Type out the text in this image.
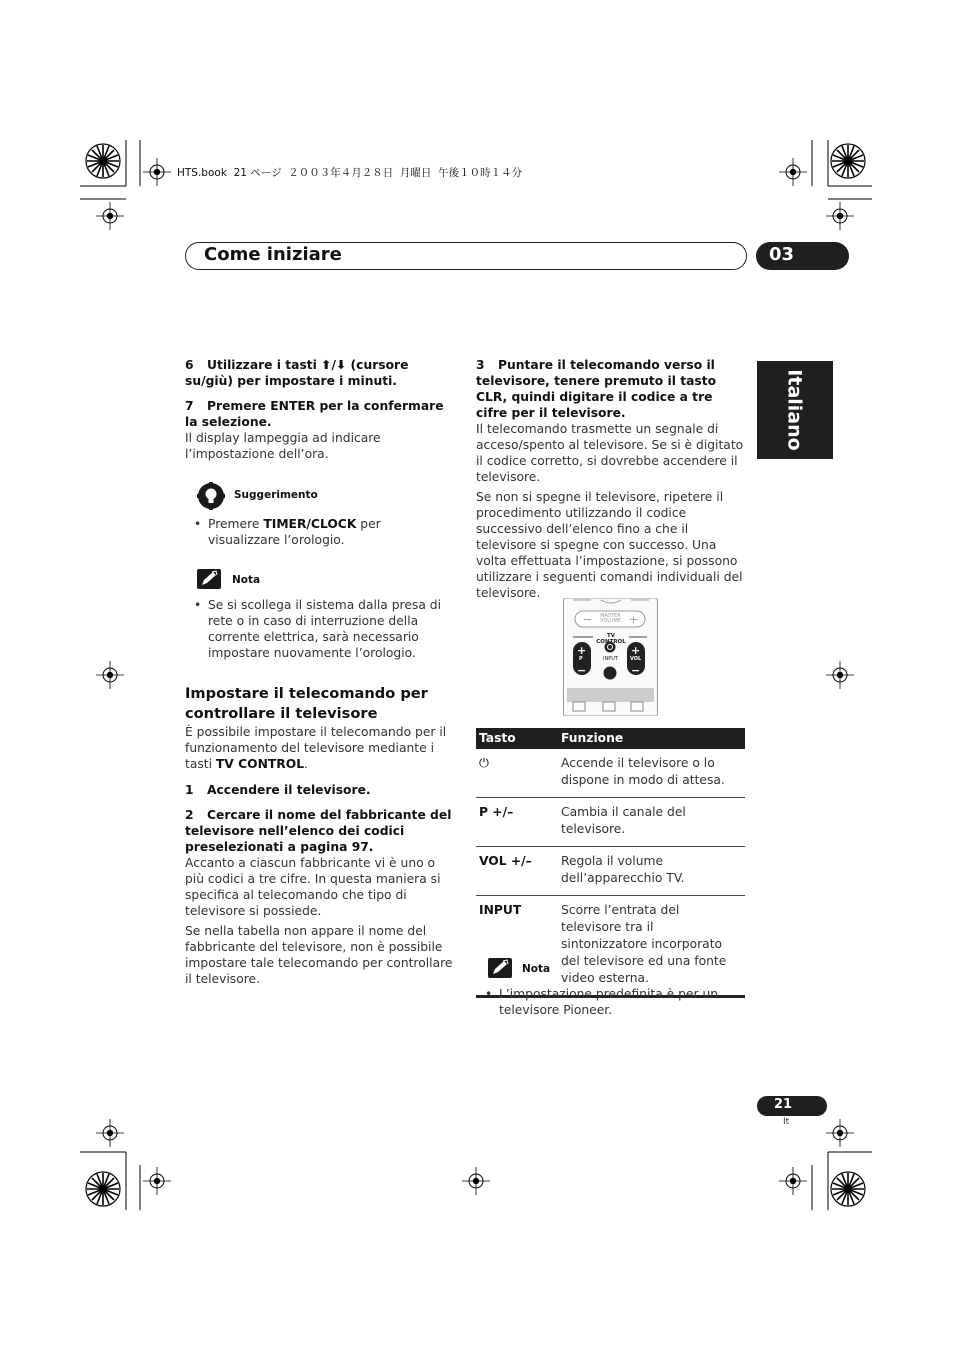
HTS.book  21 ページ  ２００３年４月２８日  月曜日  午後１０時１４分
Come iniziare	03
Italiano

6 Utilizzare i tasti ⬆/⬇ (cursore su/giù) per impostare i minuti.

7 Premere ENTER per la confermare la selezione.

Il display lampeggia ad indicare l’impostazione dell’ora.

Suggerimento

• Premere TIMER/CLOCK per visualizzare l’orologio.

Nota

• Se si scollega il sistema dalla presa di rete o in caso di interruzione della corrente elettrica, sarà necessario impostare nuovamente l’orologio.

Impostare il telecomando per controllare il televisore

È possibile impostare il telecomando per il funzionamento del televisore mediante i tasti TV CONTROL.

1 Accendere il televisore.

2 Cercare il nome del fabbricante del televisore nell’elenco dei codici preselezionati a pagina 97.

Accanto a ciascun fabbricante vi è uno o più codici a tre cifre. In questa maniera si specifica al telecomando che tipo di televisore si possiede.

Se nella tabella non appare il nome del fabbricante del televisore, non è possibile impostare tale telecomando per controllare il televisore.

3 Puntare il telecomando verso il televisore, tenere premuto il tasto CLR, quindi digitare il codice a tre cifre per il televisore.

Il telecomando trasmette un segnale di acceso/spento al televisore. Se si è digitato il codice corretto, si dovrebbe accendere il televisore.

Se non si spegne il televisore, ripetere il procedimento utilizzando il codice successivo dell’elenco fino a che il televisore si spegne con successo. Una volta effettuata l’impostazione, si possono utilizzare i seguenti comandi individuali del televisore.

−	+
+
−
+
−
MASTER VOLUME
TV CONTROL
P	INPUT VOL
Tasto	Funzione
⏻	Accende il televisore o lo dispone in modo di attesa.
P +/–	Cambia il canale del televisore.
VOL +/–	Regola il volume dell’apparecchio TV.
INPUT	Scorre l’entrata del televisore tra il sintonizzatore incorporato del televisore ed una fonte video esterna.
Nota

• L’impostazione predefinita è per un televisore Pioneer.

21
It
